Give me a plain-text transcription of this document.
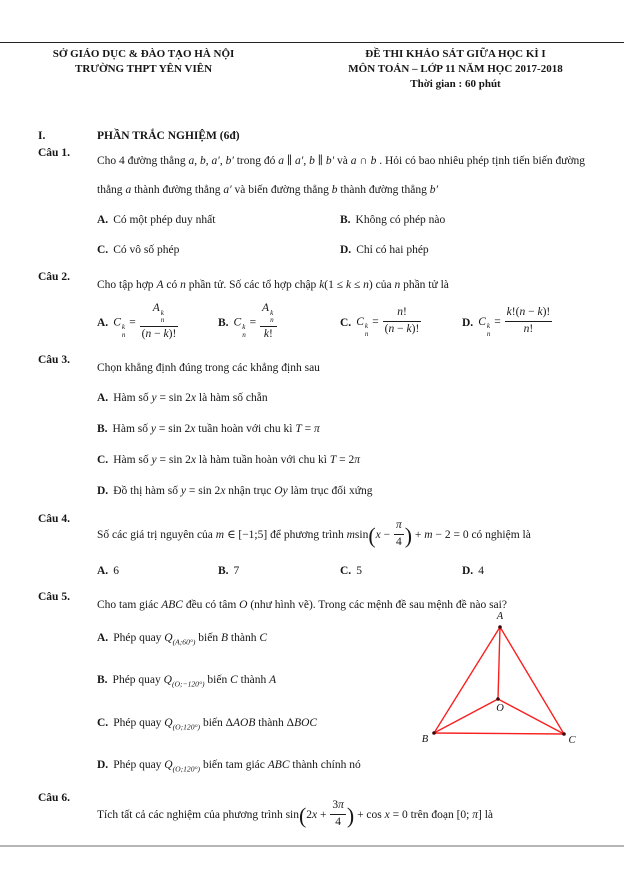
SỞ GIÁO DỤC & ĐÀO TẠO HÀ NỘI
TRƯỜNG THPT YÊN VIÊN
ĐỀ THI KHẢO SÁT GIỮA HỌC KÌ I
MÔN TOÁN – LỚP 11 NĂM HỌC 2017-2018
Thời gian : 60 phút
I.	PHẦN TRẮC NGHIỆM (6đ)
Câu 1.
Cho 4 đường thẳng a, b, a′, b′ trong đó a ∥ a′, b ∥ b′ và a ∩ b . Hỏi có bao nhiêu phép tịnh tiến biến đường thẳng a thành đường thẳng a′ và biến đường thẳng b thành đường thẳng b′
A. Có một phép duy nhất	B. Không có phép nào
C. Có vô số phép	D. Chỉ có hai phép
Câu 2.
Cho tập hợp A có n phần tử. Số các tổ hợp chập k(1 ≤ k ≤ n) của n phần tử là
A. C k
n
=
A k
n
(n − k)!
B. C k
n
=
A k
n
k!
C. C k
n
= $\frac{n!}{(n - k)!}$	D. C k
n
= $\frac{k!(n - k)!}{n!}$
Câu 3.
Chọn khẳng định đúng trong các khẳng định sau
A. Hàm số y = sin 2x là hàm số chẵn
B. Hàm số y = sin 2x tuần hoàn với chu kì T = π
C. Hàm số y = sin 2x là hàm tuần hoàn với chu kì T = 2π
D. Đồ thị hàm số y = sin 2x nhận trục Oy làm trục đối xứng
Câu 4.
Số các giá trị nguyên của m ∈ [−1;5] để phương trình $msin(x - \frac{\pi}{4}$ ) + m − 2 = 0 có nghiệm là
A. 6	B. 7	C. 5	D. 4
Câu 5.
Cho tam giác ABC đều có tâm O (như hình vẽ). Trong các mệnh đề sau mệnh đề nào sai?
A. Phép quay $Q_{(A;60^\circ)}$ biến B thành C
B. Phép quay $Q_{(O;-120^\circ)}$ biến C thành A
C. Phép quay $Q_{(O;120^\circ)}$ biến ΔAOB thành ΔBOC
D. Phép quay $Q_{(O;120^\circ)}$ biến tam giác ABC thành chính nó
A
B	C
O
Câu 6.
Tích tất cả các nghiệm của phương trình $\sin(2x + \frac{3\pi}{4}$ ) + cos x = 0 trên đoạn [0; π] là
